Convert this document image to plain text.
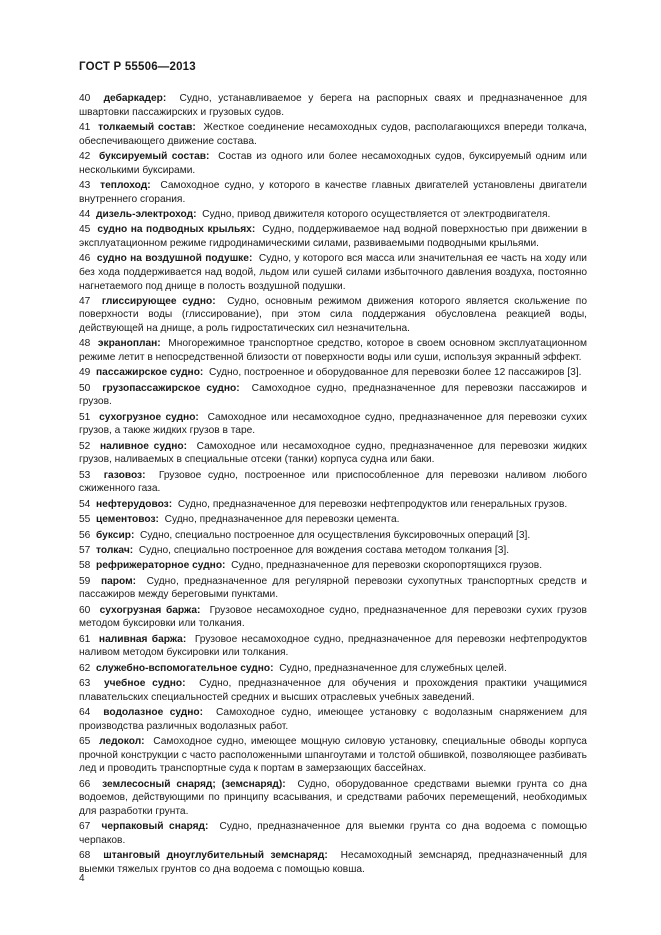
ГОСТ Р 55506—2013

40 дебаркадер: Судно, устанавливаемое у берега на распорных сваях и предназначенное для швартовки пассажирских и грузовых судов.

41 толкаемый состав: Жесткое соединение несамоходных судов, располагающихся впереди толкача, обеспечивающего движение состава.

42 буксируемый состав: Состав из одного или более несамоходных судов, буксируемый одним или несколькими буксирами.

43 теплоход: Самоходное судно, у которого в качестве главных двигателей установлены двигатели внутреннего сгорания.

44 дизель-электроход: Судно, привод движителя которого осуществляется от электродвигателя.

45 судно на подводных крыльях: Судно, поддерживаемое над водной поверхностью при движении в эксплуатационном режиме гидродинамическими силами, развиваемыми подводными крыльями.

46 судно на воздушной подушке: Судно, у которого вся масса или значительная ее часть на ходу или без хода поддерживается над водой, льдом или сушей силами избыточного давления воздуха, постоянно нагнетаемого под днище в полость воздушной подушки.

47 глиссирующее судно: Судно, основным режимом движения которого является скольжение по поверхности воды (глиссирование), при этом сила поддержания обусловлена реакцией воды, действующей на днище, а роль гидростатических сил незначительна.

48 экраноплан: Многорежимное транспортное средство, которое в своем основном эксплуатационном режиме летит в непосредственной близости от поверхности воды или суши, используя экранный эффект.

49 пассажирское судно: Судно, построенное и оборудованное для перевозки более 12 пассажиров [3].

50 грузопассажирское судно: Самоходное судно, предназначенное для перевозки пассажиров и грузов.

51 сухогрузное судно: Самоходное или несамоходное судно, предназначенное для перевозки сухих грузов, а также жидких грузов в таре.

52 наливное судно: Самоходное или несамоходное судно, предназначенное для перевозки жидких грузов, наливаемых в специальные отсеки (танки) корпуса судна или баки.

53 газовоз: Грузовое судно, построенное или приспособленное для перевозки наливом любого сжиженного газа.

54 нефтерудовоз: Судно, предназначенное для перевозки нефтепродуктов или генеральных грузов.

55 цементовоз: Судно, предназначенное для перевозки цемента.

56 буксир: Судно, специально построенное для осуществления буксировочных операций [3].

57 толкач: Судно, специально построенное для вождения состава методом толкания [3].

58 рефрижераторное судно: Судно, предназначенное для перевозки скоропортящихся грузов.

59 паром: Судно, предназначенное для регулярной перевозки сухопутных транспортных средств и пассажиров между береговыми пунктами.

60 сухогрузная баржа: Грузовое несамоходное судно, предназначенное для перевозки сухих грузов методом буксировки или толкания.

61 наливная баржа: Грузовое несамоходное судно, предназначенное для перевозки нефтепродуктов наливом методом буксировки или толкания.

62 служебно-вспомогательное судно: Судно, предназначенное для служебных целей.

63 учебное судно: Судно, предназначенное для обучения и прохождения практики учащимися плавательских специальностей средних и высших отраслевых учебных заведений.

64 водолазное судно: Самоходное судно, имеющее установку с водолазным снаряжением для производства различных водолазных работ.

65 ледокол: Самоходное судно, имеющее мощную силовую установку, специальные обводы корпуса прочной конструкции с часто расположенными шпангоутами и толстой обшивкой, позволяющее разбивать лед и проводить транспортные суда к портам в замерзающих бассейнах.

66 землесосный снаряд; (земснаряд): Судно, оборудованное средствами выемки грунта со дна водоемов, действующими по принципу всасывания, и средствами рабочих перемещений, необходимых для разработки грунта.

67 черпаковый снаряд: Судно, предназначенное для выемки грунта со дна водоема с помощью черпаков.

68 штанговый дноуглубительный земснаряд: Несамоходный земснаряд, предназначенный для выемки тяжелых грунтов со дна водоема с помощью ковша.

4
